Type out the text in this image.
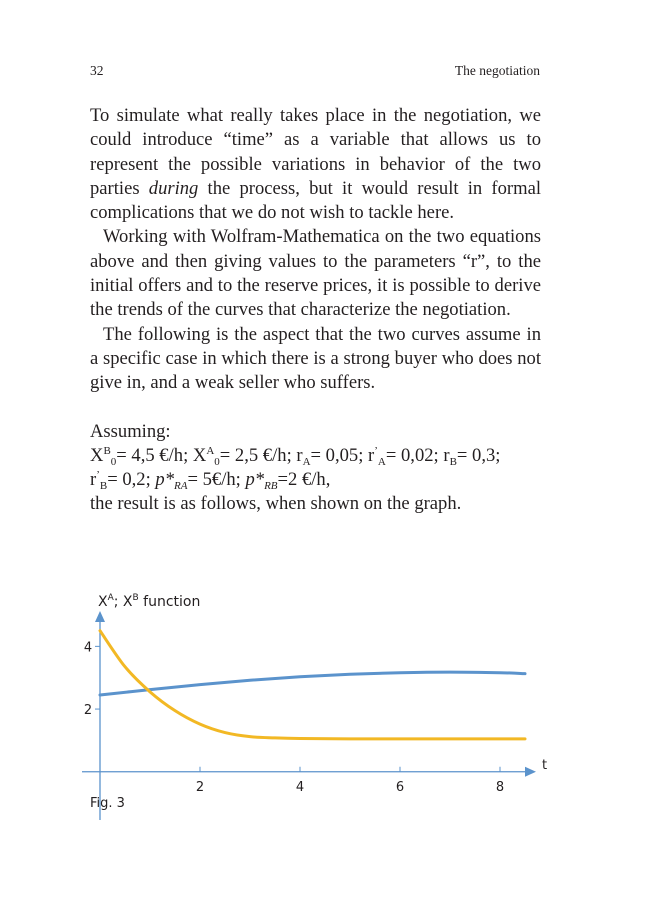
32	The negotiation

To simulate what really takes place in the negotiation, we could introduce “time” as a variable that allows us to represent the possible variations in behavior of the two parties during the process, but it would result in formal complications that we do not wish to tackle here.

Working with Wolfram-Mathematica on the two equations above and then giving values to the parameters “r”, to the initial offers and to the reserve prices, it is possible to derive the trends of the curves that characterize the negotiation.

The following is the aspect that the two curves assume in a specific case in which there is a strong buyer who does not give in, and a weak seller who suffers.

Assuming:

$X^B_0= 4,5$ €/h; $X^A_0= 2,5$ €/h; $r_A= 0,05$; $r^’_A= 0,02$; $r_B= 0,3$;

$r^’_B= 0,2$; $p*_{RA}=$ 5€/h; $p*_{RB}=2$ €/h,

the result is as follows, when shown on the graph.

$X^A$; $X^B$ function
t
2	4	6	8
2
4
Fig. 3
